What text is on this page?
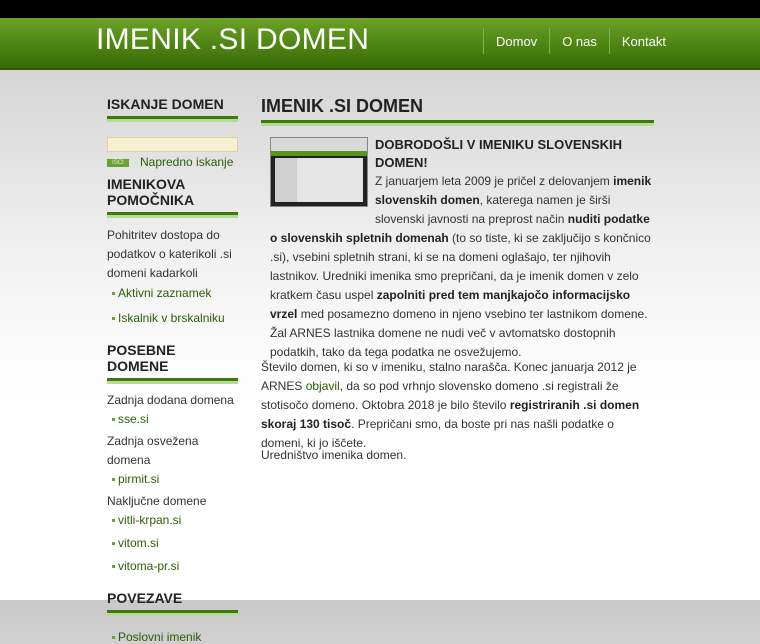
IMENIK .SI DOMEN	Domov	O nas	Kontakt
ISKANJE DOMEN
IŠČI	Napredno iskanje
IMENIKOVA POMOČNIKA
Pohitritev dostopa do podatkov o katerikoli .si domeni kadarkoli
Aktivni zaznamek
Iskalnik v brskalniku
POSEBNE DOMENE
Zadnja dodana domena
sse.si
Zadnja osvežena domena
pirmit.si
Naključne domene
vitli-krpan.si
vitom.si
vitoma-pr.si
POVEZAVE
Poslovni imenik
IMENIK .SI DOMEN
DOBRODOŠLI V IMENIKU SLOVENSKIH DOMEN!
Z januarjem leta 2009 je pričel z delovanjem imenik slovenskih domen, katerega namen je širši slovenski javnosti na preprost način nuditi podatke o slovenskih spletnih domenah (to so tiste, ki se zaključijo s končnico .si), vsebini spletnih strani, ki se na domeni oglašajo, ter njihovih lastnikov. Uredniki imenika smo prepričani, da je imenik domen v zelo kratkem času uspel zapolniti pred tem manjkajočo informacijsko vrzel med posamezno domeno in njeno vsebino ter lastnikom domene. Žal ARNES lastnika domene ne nudi več v avtomatsko dostopnih podatkih, tako da tega podatka ne osvežujemo.
Število domen, ki so v imeniku, stalno narašča. Konec januarja 2012 je ARNES objavil, da so pod vrhnjo slovensko domeno .si registrali že stotisočo domeno. Oktobra 2018 je bilo število registriranih .si domen skoraj 130 tisoč. Prepričani smo, da boste pri nas našli podatke o domeni, ki jo iščete.
Uredništvo imenika domen.
